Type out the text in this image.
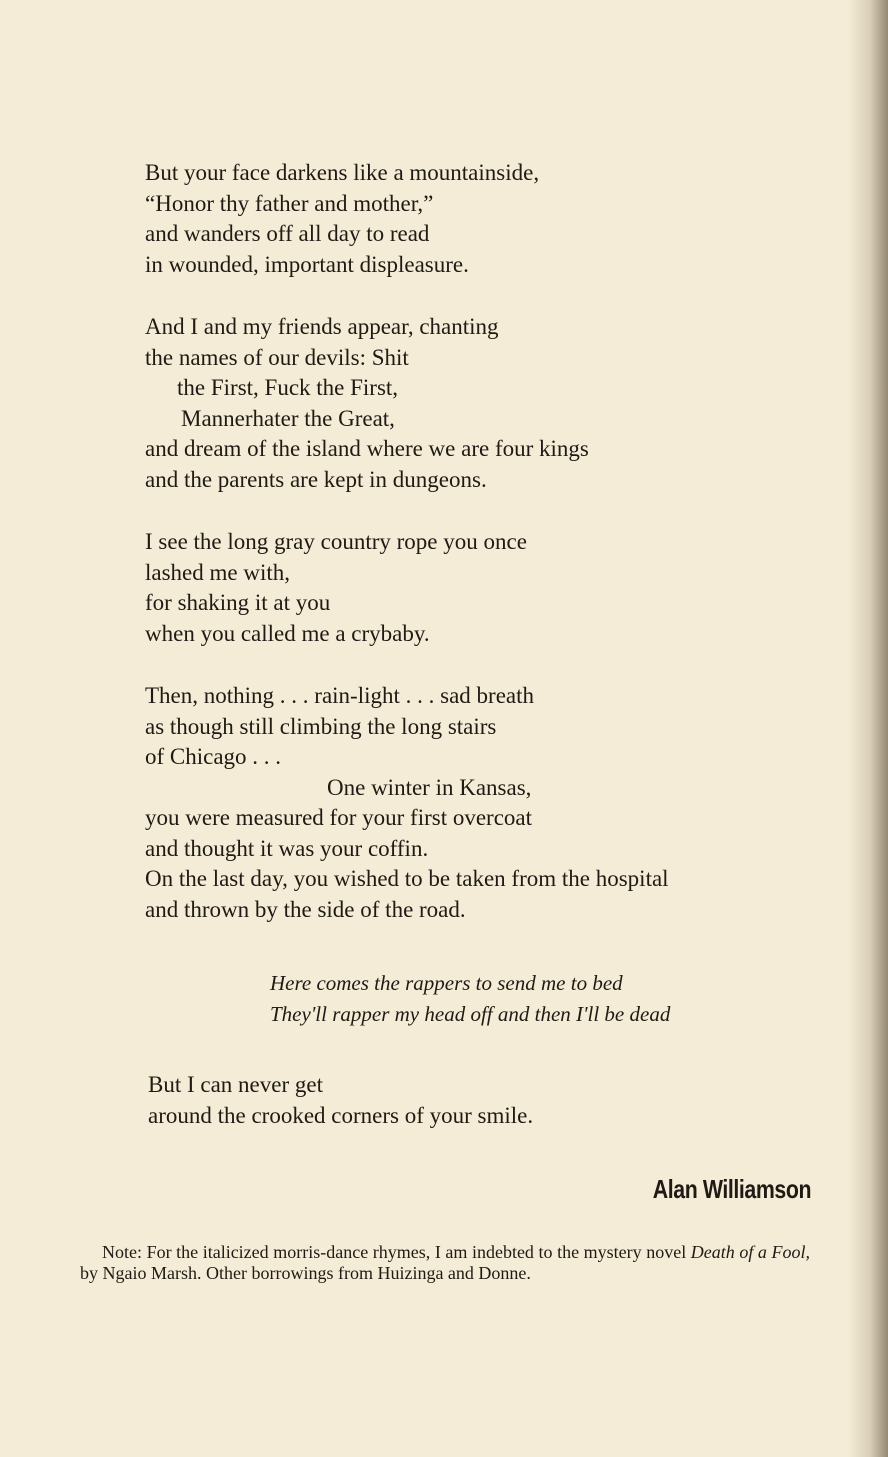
But your face darkens like a mountainside,
“Honor thy father and mother,”
and wanders off all day to read
in wounded, important displeasure.
And I and my friends appear, chanting
the names of our devils: Shit
the First, Fuck the First,
Mannerhater the Great,
and dream of the island where we are four kings
and the parents are kept in dungeons.
I see the long gray country rope you once
lashed me with,
for shaking it at you
when you called me a crybaby.
Then, nothing . . . rain-light . . . sad breath
as though still climbing the long stairs
of Chicago . . .
One winter in Kansas,
you were measured for your first overcoat
and thought it was your coffin.
On the last day, you wished to be taken from the hospital
and thrown by the side of the road.
Here comes the rappers to send me to bed
They'll rapper my head off and then I'll be dead
But I can never get
around the crooked corners of your smile.
Alan Williamson
Note: For the italicized morris-dance rhymes, I am indebted to the mystery novel Death of a Fool, by Ngaio Marsh. Other borrowings from Huizinga and Donne.
